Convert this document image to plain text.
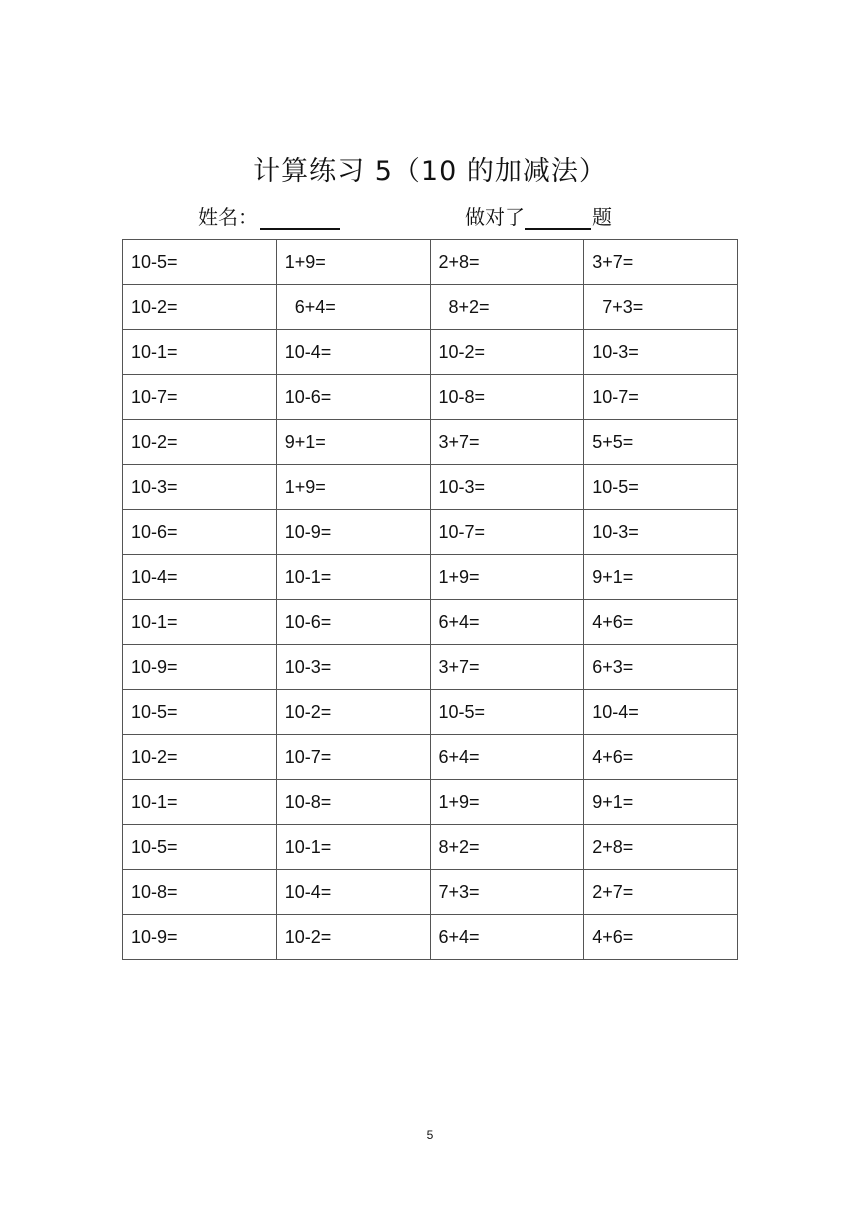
计算练习 5（10 的加减法）
姓名：	做对了	题
10-5=	1+9=	2+8=	3+7=
10-2=	6+4=	8+2=	7+3=
10-1=	10-4=	10-2=	10-3=
10-7=	10-6=	10-8=	10-7=
10-2=	9+1=	3+7=	5+5=
10-3=	1+9=	10-3=	10-5=
10-6=	10-9=	10-7=	10-3=
10-4=	10-1=	1+9=	9+1=
10-1=	10-6=	6+4=	4+6=
10-9=	10-3=	3+7=	6+3=
10-5=	10-2=	10-5=	10-4=
10-2=	10-7=	6+4=	4+6=
10-1=	10-8=	1+9=	9+1=
10-5=	10-1=	8+2=	2+8=
10-8=	10-4=	7+3=	2+7=
10-9=	10-2=	6+4=	4+6=
5
